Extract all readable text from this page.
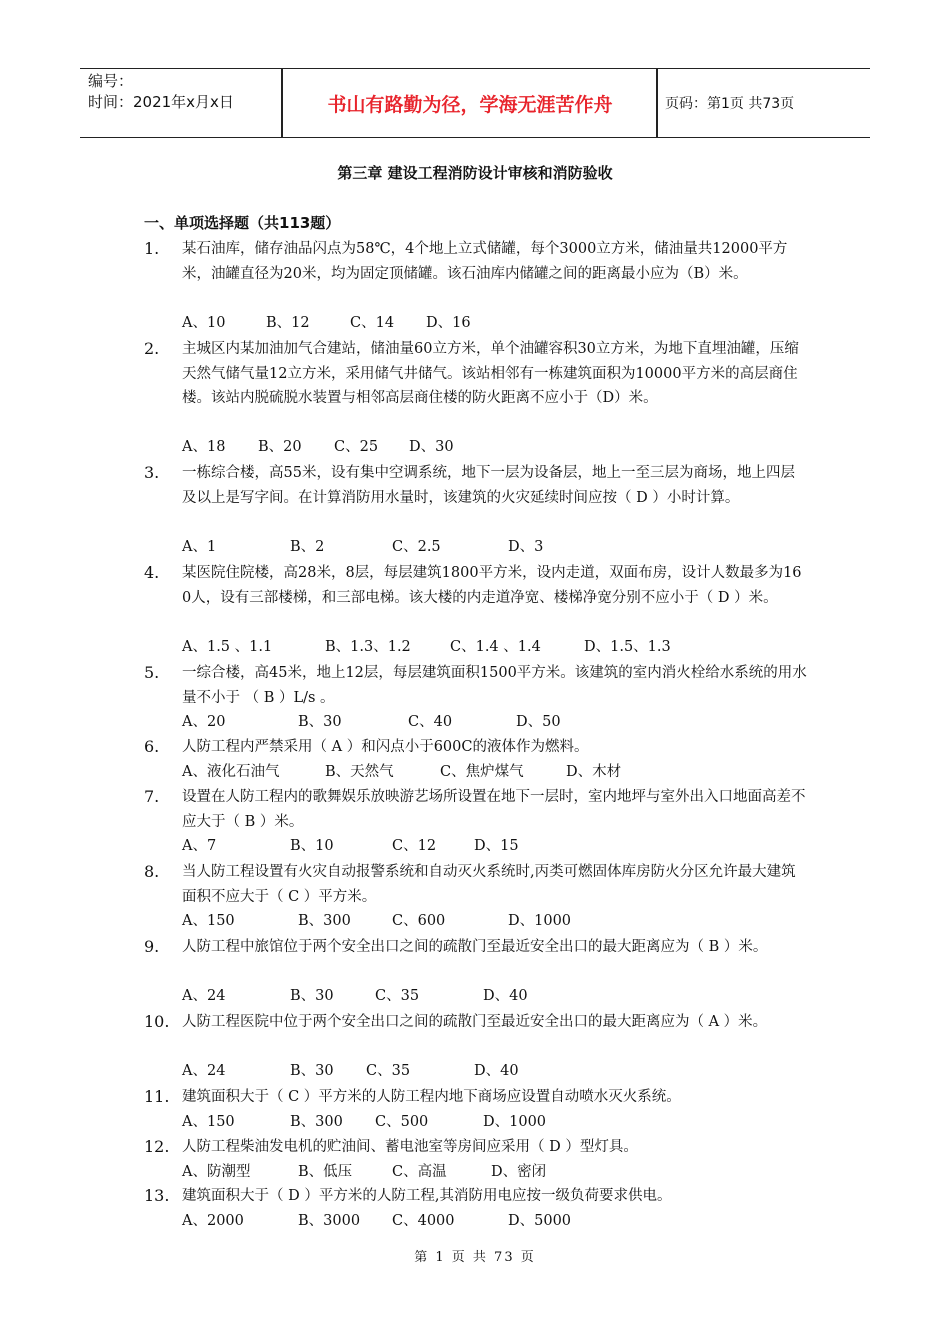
编号：
时间：2021年x月x日	书山有路勤为径，学海无涯苦作舟	页码：第1页 共73页
第三章 建设工程消防设计审核和消防验收
一、单项选择题（共113题）
1. 某石油库，储存油品闪点为58℃，4个地上立式储罐，每个3000立方米，储油量共12000平方米，油罐直径为20米，均为固定顶储罐。该石油库内储罐之间的距离最小应为（B）米。
A、10	B、12	C、14 D、16
2. 主城区内某加油加气合建站，储油量60立方米，单个油罐容积30立方米，为地下直埋油罐，压缩天然气储气量12立方米，采用储气井储气。该站相邻有一栋建筑面积为10000平方米的高层商住楼。该站内脱硫脱水装置与相邻高层商住楼的防火距离不应小于（D）米。
A、18 B、20 C、25 D、30
3. 一栋综合楼，高55米，设有集中空调系统，地下一层为设备层，地上一至三层为商场，地上四层及以上是写字间。在计算消防用水量时，该建筑的火灾延续时间应按（ D ）小时计算。
A、1	B、2	C、2.5	D、3
4. 某医院住院楼，高28米，8层，每层建筑1800平方米，设内走道，双面布房，设计人数最多为160人，设有三部楼梯，和三部电梯。该大楼的内走道净宽、楼梯净宽分别不应小于（ D ）米。
A、1.5 、1.1	B、1.3、1.2	C、1.4 、1.4	D、1.5、1.3
5. 一综合楼，高45米，地上12层，每层建筑面积1500平方米。该建筑的室内消火栓给水系统的用水量不小于 （ B ）L/s 。
A、20	B、30	C、40	D、50
6. 人防工程内严禁采用（ A ）和闪点小于600C的液体作为燃料。
A、液化石油气	B、天然气	C、焦炉煤气	D、木材
7. 设置在人防工程内的歌舞娱乐放映游艺场所设置在地下一层时，室内地坪与室外出入口地面高差不应大于（ B ）米。
A、7	B、10	C、12	D、15
8. 当人防工程设置有火灾自动报警系统和自动灭火系统时,丙类可燃固体库房防火分区允许最大建筑面积不应大于（ C ）平方米。
A、150	B、300	C、600	D、1000
9. 人防工程中旅馆位于两个安全出口之间的疏散门至最近安全出口的最大距离应为（ B ）米。
A、24	B、30	C、35	D、40
10. 人防工程医院中位于两个安全出口之间的疏散门至最近安全出口的最大距离应为（ A ）米。
A、24	B、30 C、35	D、40
11. 建筑面积大于（ C ）平方米的人防工程内地下商场应设置自动喷水灭火系统。
A、150	B、300 C、500	D、1000
12. 人防工程柴油发电机的贮油间、蓄电池室等房间应采用（ D ）型灯具。
A、防潮型	B、低压	C、高温	D、密闭
13. 建筑面积大于（ D ）平方米的人防工程,其消防用电应按一级负荷要求供电。
A、2000	B、3000 C、4000	D、5000
第 1 页 共 73 页
